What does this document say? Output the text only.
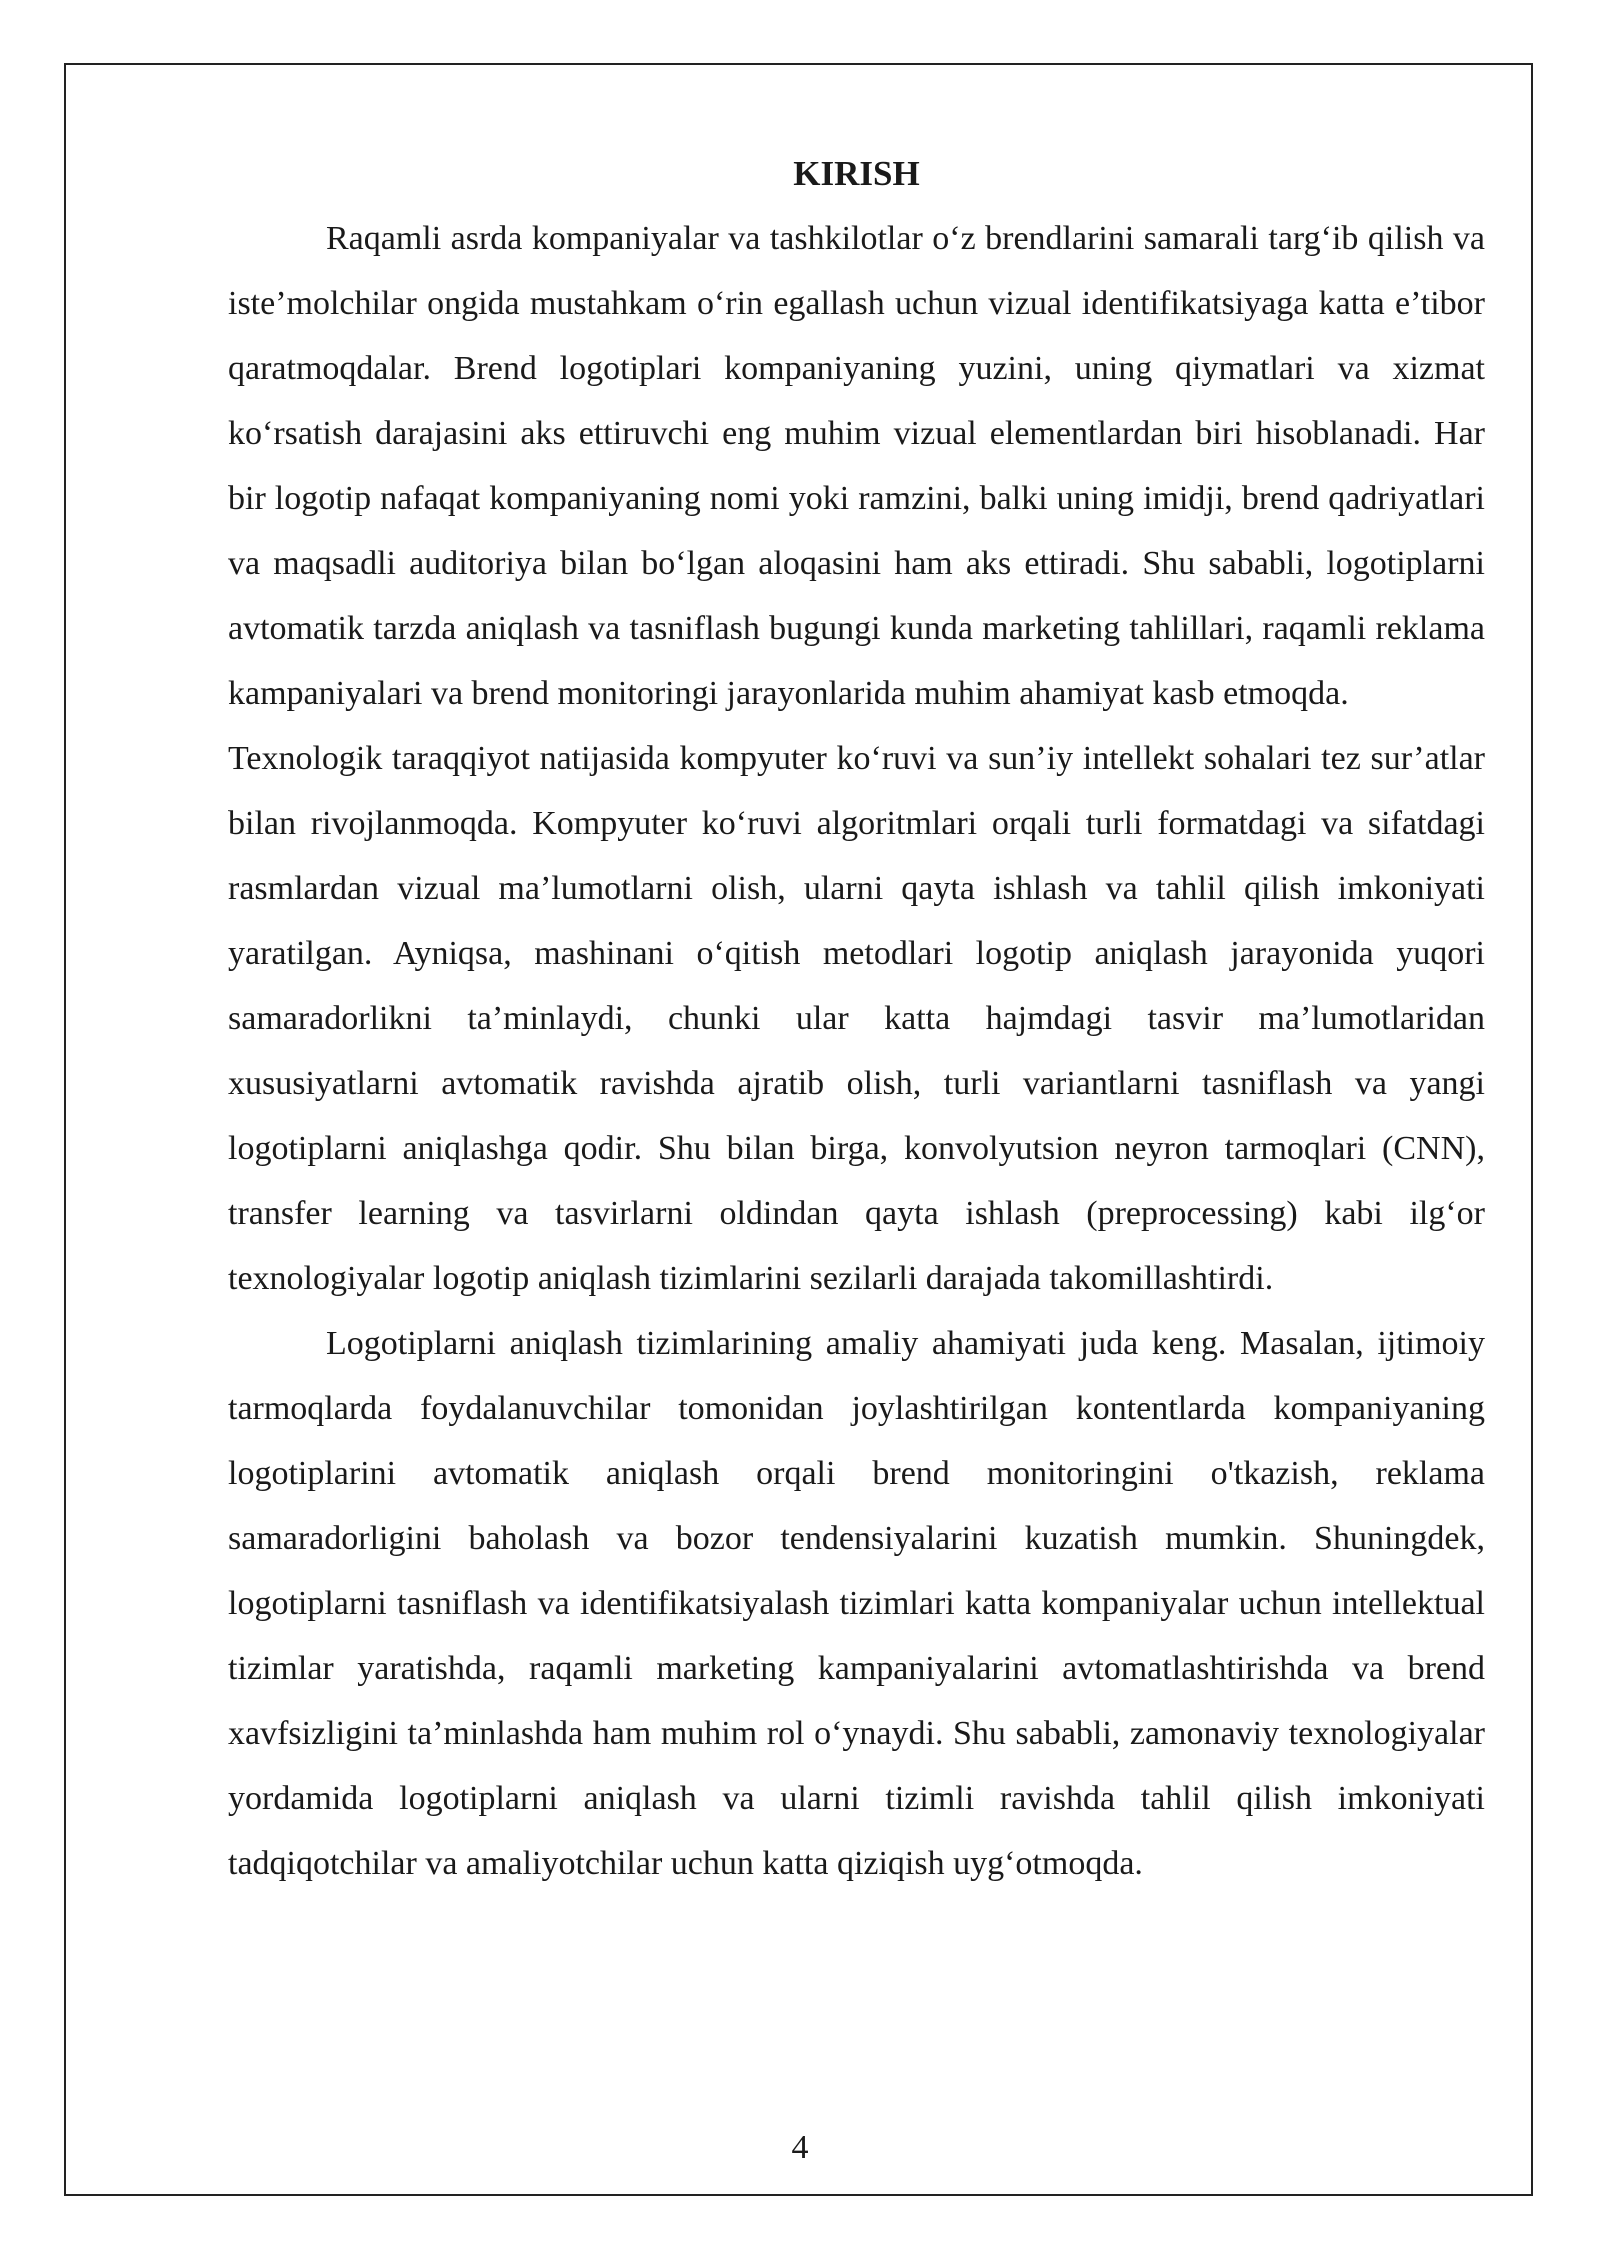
KIRISH

Raqamli asrda kompaniyalar va tashkilotlar o‘z brendlarini samarali targ‘ib qilish va iste’molchilar ongida mustahkam o‘rin egallash uchun vizual identifikatsiyaga katta e’tibor qaratmoqdalar. Brend logotiplari kompaniyaning yuzini, uning qiymatlari va xizmat ko‘rsatish darajasini aks ettiruvchi eng muhim vizual elementlardan biri hisoblanadi. Har bir logotip nafaqat kompaniyaning nomi yoki ramzini, balki uning imidji, brend qadriyatlari va maqsadli auditoriya bilan bo‘lgan aloqasini ham aks ettiradi. Shu sababli, logotiplarni avtomatik tarzda aniqlash va tasniflash bugungi kunda marketing tahlillari, raqamli reklama kampaniyalari va brend monitoringi jarayonlarida muhim ahamiyat kasb etmoqda.

Texnologik taraqqiyot natijasida kompyuter ko‘ruvi va sun’iy intellekt sohalari tez sur’atlar bilan rivojlanmoqda. Kompyuter ko‘ruvi algoritmlari orqali turli formatdagi va sifatdagi rasmlardan vizual ma’lumotlarni olish, ularni qayta ishlash va tahlil qilish imkoniyati yaratilgan. Ayniqsa, mashinani o‘qitish metodlari logotip aniqlash jarayonida yuqori samaradorlikni ta’minlaydi, chunki ular katta hajmdagi tasvir ma’lumotlaridan xususiyatlarni avtomatik ravishda ajratib olish, turli variantlarni tasniflash va yangi logotiplarni aniqlashga qodir. Shu bilan birga, konvolyutsion neyron tarmoqlari (CNN), transfer learning va tasvirlarni oldindan qayta ishlash (preprocessing) kabi ilg‘or texnologiyalar logotip aniqlash tizimlarini sezilarli darajada takomillashtirdi.

Logotiplarni aniqlash tizimlarining amaliy ahamiyati juda keng. Masalan, ijtimoiy tarmoqlarda foydalanuvchilar tomonidan joylashtirilgan kontentlarda kompaniyaning logotiplarini avtomatik aniqlash orqali brend monitoringini o'tkazish, reklama samaradorligini baholash va bozor tendensiyalarini kuzatish mumkin. Shuningdek, logotiplarni tasniflash va identifikatsiyalash tizimlari katta kompaniyalar uchun intellektual tizimlar yaratishda, raqamli marketing kampaniyalarini avtomatlashtirishda va brend xavfsizligini ta’minlashda ham muhim rol o‘ynaydi. Shu sababli, zamonaviy texnologiyalar yordamida logotiplarni aniqlash va ularni tizimli ravishda tahlil qilish imkoniyati tadqiqotchilar va amaliyotchilar uchun katta qiziqish uyg‘otmoqda.

4
